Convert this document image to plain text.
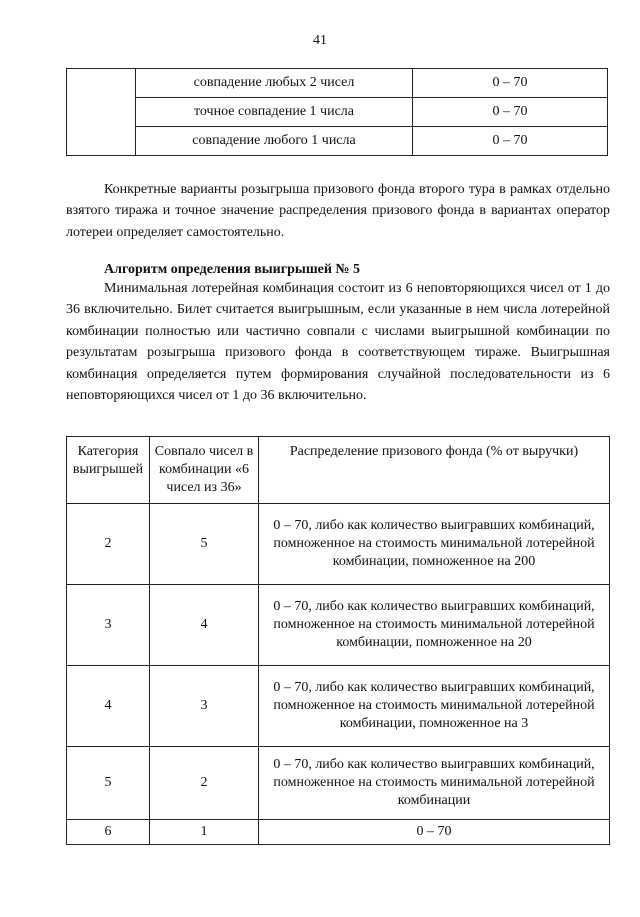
41
	совпадение любых 2 чисел	0 – 70
	точное совпадение 1 числа	0 – 70
	совпадение любого 1 числа	0 – 70

Конкретные варианты розыгрыша призового фонда второго тура в рамках отдельно взятого тиража и точное значение распределения призового фонда в вариантах оператор лотереи определяет самостоятельно.

Алгоритм определения выигрышей № 5

Минимальная лотерейная комбинация состоит из 6 неповторяющихся чисел от 1 до 36 включительно. Билет считается выигрышным, если указанные в нем числа лотерейной комбинации полностью или частично совпали с числами выигрышной комбинации по результатам розыгрыша призового фонда в соответствующем тираже. Выигрышная комбинация определяется путем формирования случайной последовательности из 6 неповторяющихся чисел от 1 до 36 включительно.

Категория выигрышей	Совпало чисел в комбинации «6 чисел из 36»	Распределение призового фонда (% от выручки)
2	5	0 – 70, либо как количество выигравших комбинаций, помноженное на стоимость минимальной лотерейной комбинации, помноженное на 200
3	4	0 – 70, либо как количество выигравших комбинаций, помноженное на стоимость минимальной лотерейной комбинации, помноженное на 20
4	3	0 – 70, либо как количество выигравших комбинаций, помноженное на стоимость минимальной лотерейной комбинации, помноженное на 3
5	2	0 – 70, либо как количество выигравших комбинаций, помноженное на стоимость минимальной лотерейной комбинации
6	1	0 – 70
